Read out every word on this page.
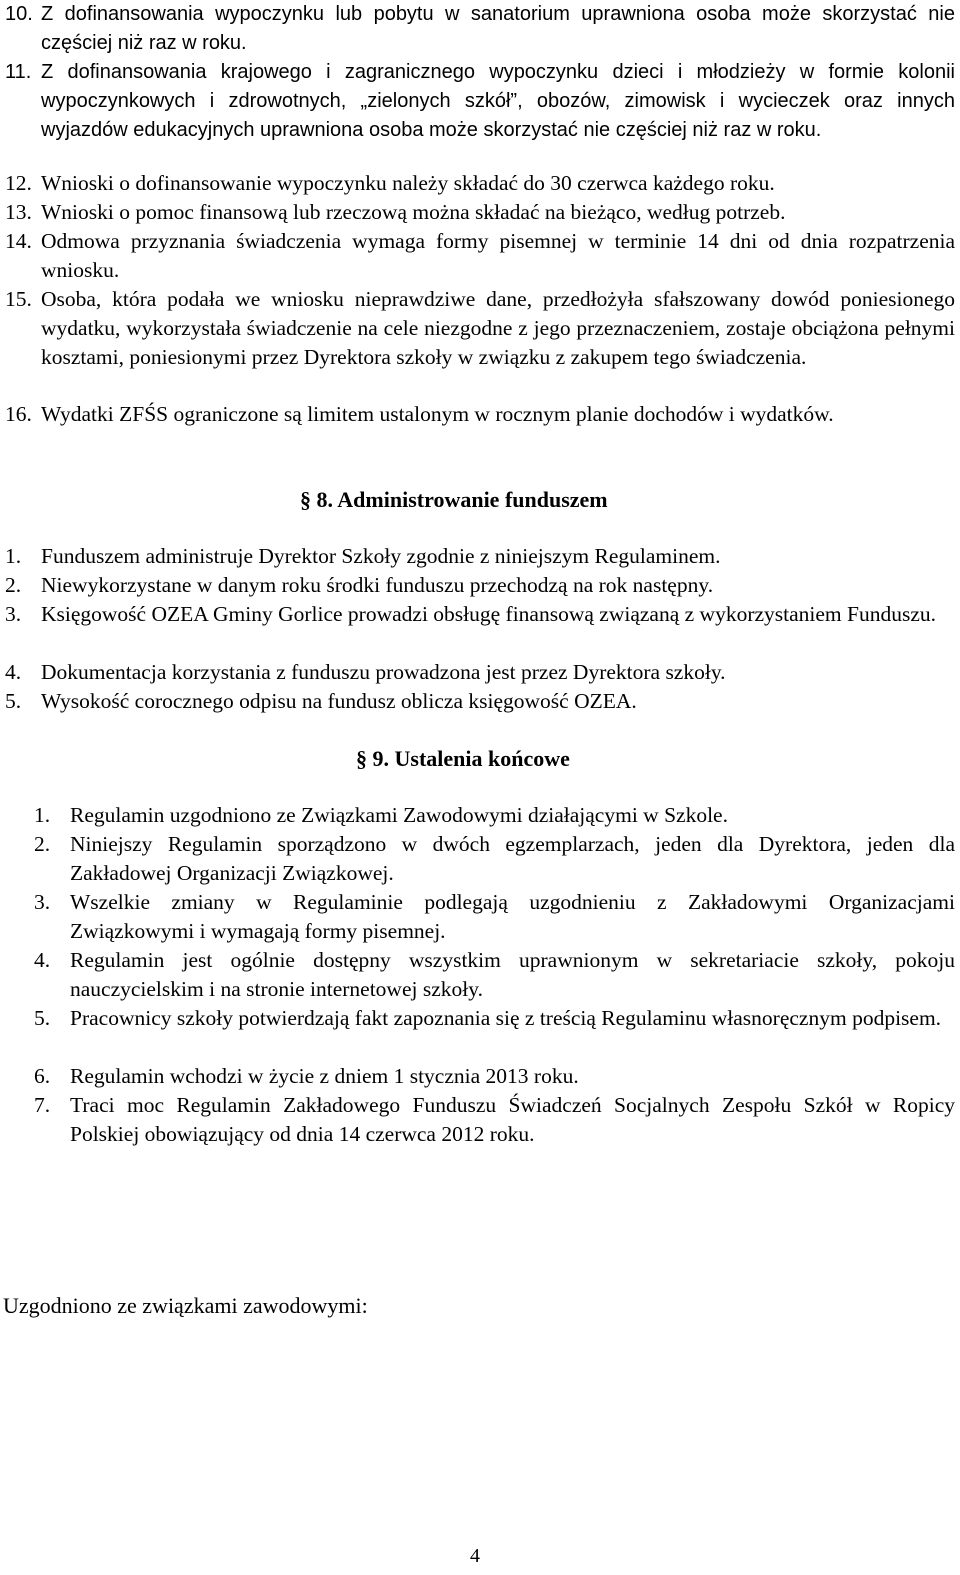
10. Z dofinansowania wypoczynku lub pobytu w sanatorium uprawniona osoba może skorzystać nie częściej niż raz w roku.
11. Z dofinansowania krajowego i zagranicznego wypoczynku dzieci i młodzieży w formie kolonii wypoczynkowych i zdrowotnych, „zielonych szkół”, obozów, zimowisk i wycieczek oraz innych wyjazdów edukacyjnych uprawniona osoba może skorzystać nie częściej niż raz w roku.
12. Wnioski o dofinansowanie wypoczynku należy składać do 30 czerwca każdego roku.
13. Wnioski o pomoc finansową lub rzeczową można składać na bieżąco, według potrzeb.
14. Odmowa przyznania świadczenia wymaga formy pisemnej w terminie 14 dni od dnia rozpatrzenia wniosku.
15. Osoba, która podała we wniosku nieprawdziwe dane, przedłożyła sfałszowany dowód poniesionego wydatku, wykorzystała świadczenie na cele niezgodne z jego przeznaczeniem, zostaje obciążona pełnymi kosztami, poniesionymi przez Dyrektora szkoły w związku z zakupem tego świadczenia.
16. Wydatki ZFŚS ograniczone są limitem ustalonym w rocznym planie dochodów i wydatków.
§ 8. Administrowanie funduszem
1. Funduszem administruje Dyrektor Szkoły zgodnie z niniejszym Regulaminem.
2. Niewykorzystane w danym roku środki funduszu przechodzą na rok następny.
3. Księgowość OZEA Gminy Gorlice prowadzi obsługę finansową związaną z wykorzystaniem Funduszu.
4. Dokumentacja korzystania z funduszu prowadzona jest przez Dyrektora szkoły.
5. Wysokość corocznego odpisu na fundusz oblicza księgowość OZEA.
§ 9. Ustalenia końcowe
1. Regulamin uzgodniono ze Związkami Zawodowymi działającymi w Szkole.
2. Niniejszy Regulamin sporządzono w dwóch egzemplarzach, jeden dla Dyrektora, jeden dla Zakładowej Organizacji Związkowej.
3. Wszelkie zmiany w Regulaminie podlegają uzgodnieniu z Zakładowymi Organizacjami Związkowymi i wymagają formy pisemnej.
4. Regulamin jest ogólnie dostępny wszystkim uprawnionym w sekretariacie szkoły, pokoju nauczycielskim i na stronie internetowej szkoły.
5. Pracownicy szkoły potwierdzają fakt zapoznania się z treścią Regulaminu własnoręcznym podpisem.
6. Regulamin wchodzi w życie z dniem 1 stycznia 2013 roku.
7. Traci moc Regulamin Zakładowego Funduszu Świadczeń Socjalnych Zespołu Szkół w Ropicy Polskiej obowiązujący od dnia 14 czerwca 2012 roku.
Uzgodniono ze związkami zawodowymi:
4
